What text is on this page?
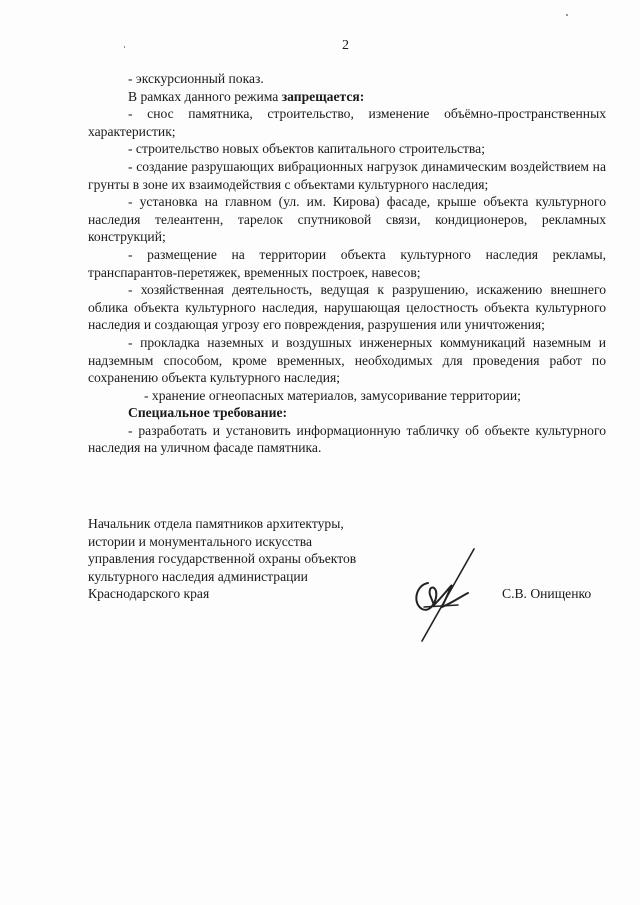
2

- экскурсионный показ.

В рамках данного режима запрещается:

- снос памятника, строительство, изменение объёмно-пространственных характеристик;

- строительство новых объектов капитального строительства;

- создание разрушающих вибрационных нагрузок динамическим воздействием на грунты в зоне их взаимодействия с объектами культурного наследия;

- установка на главном (ул. им. Кирова) фасаде, крыше объекта культурного наследия телеантенн, тарелок спутниковой связи, кондиционеров, рекламных конструкций;

- размещение на территории объекта культурного наследия рекламы, транспарантов-перетяжек, временных построек, навесов;

- хозяйственная деятельность, ведущая к разрушению, искажению внешнего облика объекта культурного наследия, нарушающая целостность объекта культурного наследия и создающая угрозу его повреждения, разрушения или уничтожения;

- прокладка наземных и воздушных инженерных коммуникаций наземным и надземным способом, кроме временных, необходимых для проведения работ по сохранению объекта культурного наследия;

- хранение огнеопасных материалов, замусоривание территории;

Специальное требование:

- разработать и установить информационную табличку об объекте культурного наследия на уличном фасаде памятника.

Начальник отдела памятников архитектуры,
истории и монументального искусства
управления государственной охраны объектов
культурного наследия администрации
Краснодарского края	С.В. Онищенко
